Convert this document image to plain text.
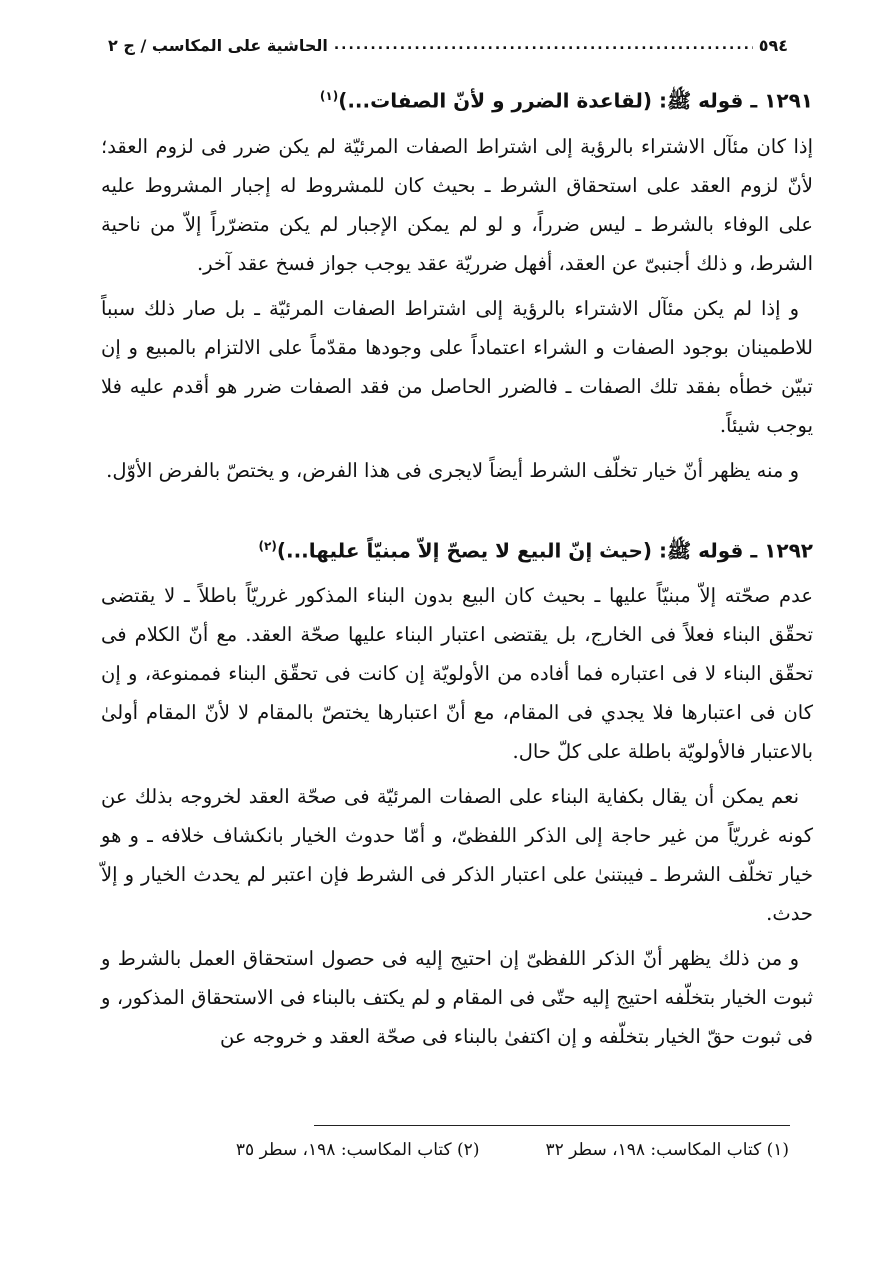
٥٩٤
.....
الحاشية على المكاسب / ج ٢
١٢٩١ ـ قوله ﷺ: (لقاعدة الضرر و لأنّ الصفات...)$^{(١)}$

إذا كان مئآل الاشتراء بالرؤية إلى اشتراط الصفات المرئيّة لم يكن ضرر فى لزوم العقد؛ لأنّ لزوم العقد على استحقاق الشرط ـ بحيث كان للمشروط له إجبار المشروط عليه على الوفاء بالشرط ـ ليس ضرراً، و لو لم يمكن الإجبار لم يكن متضرّراً إلاّ من ناحية الشرط، و ذلك أجنبىّ عن العقد، أفهل ضرريّة عقد يوجب جواز فسخ عقد آخر.

و إذا لم يكن مئآل الاشتراء بالرؤية إلى اشتراط الصفات المرئيّة ـ بل صار ذلك سبباً للاطمينان بوجود الصفات و الشراء اعتماداً على وجودها مقدّماً على الالتزام بالمبيع و إن تبيّن خطأه بفقد تلك الصفات ـ فالضرر الحاصل من فقد الصفات ضرر هو أقدم عليه فلا يوجب شيئاً.

و منه يظهر أنّ خيار تخلّف الشرط أيضاً لايجرى فى هذا الفرض، و يختصّ بالفرض الأوّل.

١٢٩٢ ـ قوله ﷺ: (حيث إنّ البيع لا يصحّ إلاّ مبنيّاً عليها...)$^{(٢)}$

عدم صحّته إلاّ مبنيّاً عليها ـ بحيث كان البيع بدون البناء المذكور غرريّاً باطلاً ـ لا يقتضى تحقّق البناء فعلاً فى الخارج، بل يقتضى اعتبار البناء عليها صحّة العقد. مع أنّ الكلام فى تحقّق البناء لا فى اعتباره فما أفاده من الأولويّة إن كانت فى تحقّق البناء فممنوعة، و إن كان فى اعتبارها فلا يجدي فى المقام، مع أنّ اعتبارها يختصّ بالمقام لا لأنّ المقام أولىٰ بالاعتبار فالأولويّة باطلة على كلّ حال.

نعم يمكن أن يقال بكفاية البناء على الصفات المرئيّة فى صحّة العقد لخروجه بذلك عن كونه غرريّاً من غير حاجة إلى الذكر اللفظىّ، و أمّا حدوث الخيار بانكشاف خلافه ـ و هو خيار تخلّف الشرط ـ فيبتنىٰ على اعتبار الذكر فى الشرط فإن اعتبر لم يحدث الخيار و إلاّ حدث.

و من ذلك يظهر أنّ الذكر اللفظىّ إن احتيج إليه فى حصول استحقاق العمل بالشرط و ثبوت الخيار بتخلّفه احتيج إليه حتّى فى المقام و لم يكتف بالبناء فى الاستحقاق المذكور، و فى ثبوت حقّ الخيار بتخلّفه و إن اكتفىٰ بالبناء فى صحّة العقد و خروجه عن

(١) كتاب المكاسب: ١٩٨، سطر ٣٢
(٢) كتاب المكاسب: ١٩٨، سطر ٣٥
